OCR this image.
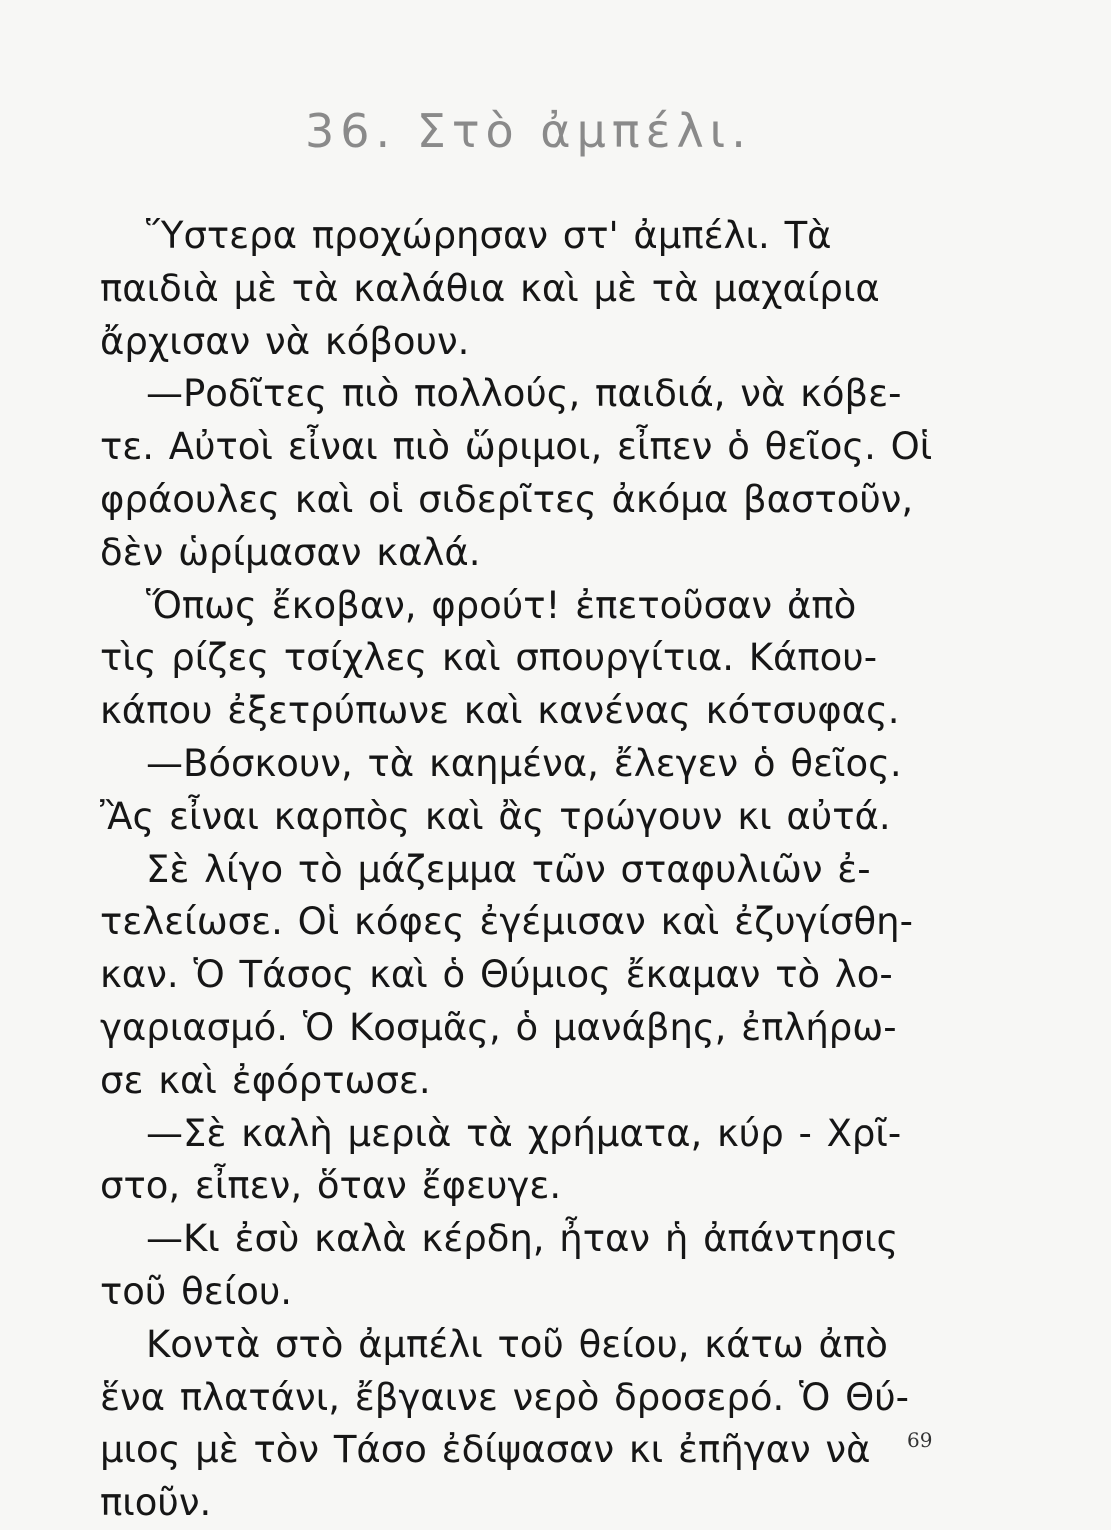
36. Στὸ ἀμπέλι.
Ὕστερα προχώρησαν στ' ἀμπέλι. Τὰ
παιδιὰ μὲ τὰ καλάθια καὶ μὲ τὰ μαχαίρια
ἄρχισαν νὰ κόβουν.
—Ροδῖτες πιὸ πολλούς, παιδιά, νὰ κόβε-
τε. Αὐτοὶ εἶναι πιὸ ὥριμοι, εἶπεν ὁ θεῖος. Οἱ
φράουλες καὶ οἱ σιδερῖτες ἀκόμα βαστοῦν,
δὲν ὡρίμασαν καλά.
Ὅπως ἔκοβαν, φρούτ! ἐπετοῦσαν ἀπὸ
τὶς ρίζες τσίχλες καὶ σπουργίτια. Κάπου-
κάπου ἐξετρύπωνε καὶ κανένας κότσυφας.
—Βόσκουν, τὰ καημένα, ἔλεγεν ὁ θεῖος.
Ἂς εἶναι καρπὸς καὶ ἂς τρώγουν κι αὐτά.
Σὲ λίγο τὸ μάζεμμα τῶν σταφυλιῶν ἐ-
τελείωσε. Οἱ κόφες ἐγέμισαν καὶ ἐζυγίσθη-
καν. Ὁ Τάσος καὶ ὁ Θύμιος ἔκαμαν τὸ λο-
γαριασμό. Ὁ Κοσμᾶς, ὁ μανάβης, ἐπλήρω-
σε καὶ ἐφόρτωσε.
—Σὲ καλὴ μεριὰ τὰ χρήματα, κύρ - Χρῖ-
στο, εἶπεν, ὅταν ἔφευγε.
—Κι ἐσὺ καλὰ κέρδη, ἦταν ἡ ἀπάντησις
τοῦ θείου.
Κοντὰ στὸ ἀμπέλι τοῦ θείου, κάτω ἀπὸ
ἕνα πλατάνι, ἔβγαινε νερὸ δροσερό. Ὁ Θύ-
μιος μὲ τὸν Τάσο ἐδίψασαν κι ἐπῆγαν νὰ
πιοῦν.
69
